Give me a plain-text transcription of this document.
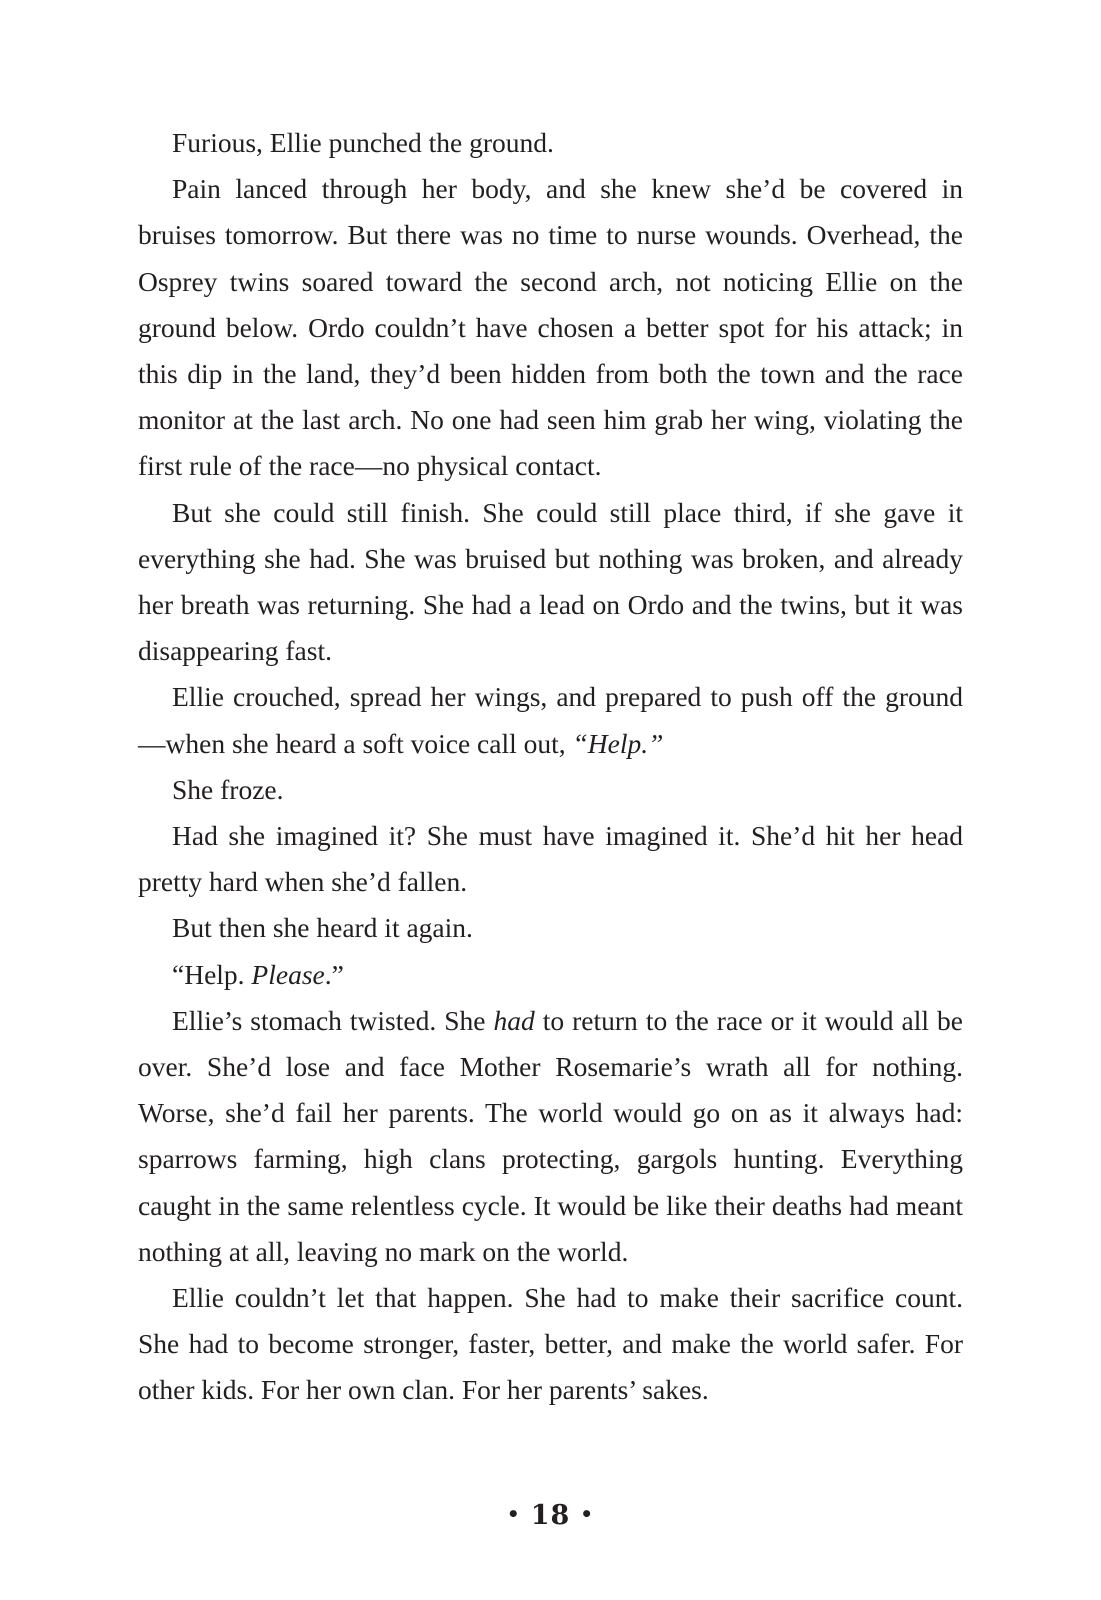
Furious, Ellie punched the ground.

Pain lanced through her body, and she knew she’d be covered in bruises tomorrow. But there was no time to nurse wounds. Overhead, the Osprey twins soared toward the second arch, not noticing Ellie on the ground below. Ordo couldn’t have chosen a better spot for his attack; in this dip in the land, they’d been hidden from both the town and the race monitor at the last arch. No one had seen him grab her wing, violating the first rule of the race—no physical contact.

But she could still finish. She could still place third, if she gave it everything she had. She was bruised but nothing was broken, and already her breath was returning. She had a lead on Ordo and the twins, but it was disappearing fast.

Ellie crouched, spread her wings, and prepared to push off the ground—when she heard a soft voice call out, “Help.”

She froze.

Had she imagined it? She must have imagined it. She’d hit her head pretty hard when she’d fallen.

But then she heard it again.

“Help. Please.”

Ellie’s stomach twisted. She had to return to the race or it would all be over. She’d lose and face Mother Rosemarie’s wrath all for nothing. Worse, she’d fail her parents. The world would go on as it always had: sparrows farming, high clans protecting, gargols hunting. Everything caught in the same relentless cycle. It would be like their deaths had meant nothing at all, leaving no mark on the world.

Ellie couldn’t let that happen. She had to make their sacrifice count. She had to become stronger, faster, better, and make the world safer. For other kids. For her own clan. For her parents’ sakes.

• 18 •
